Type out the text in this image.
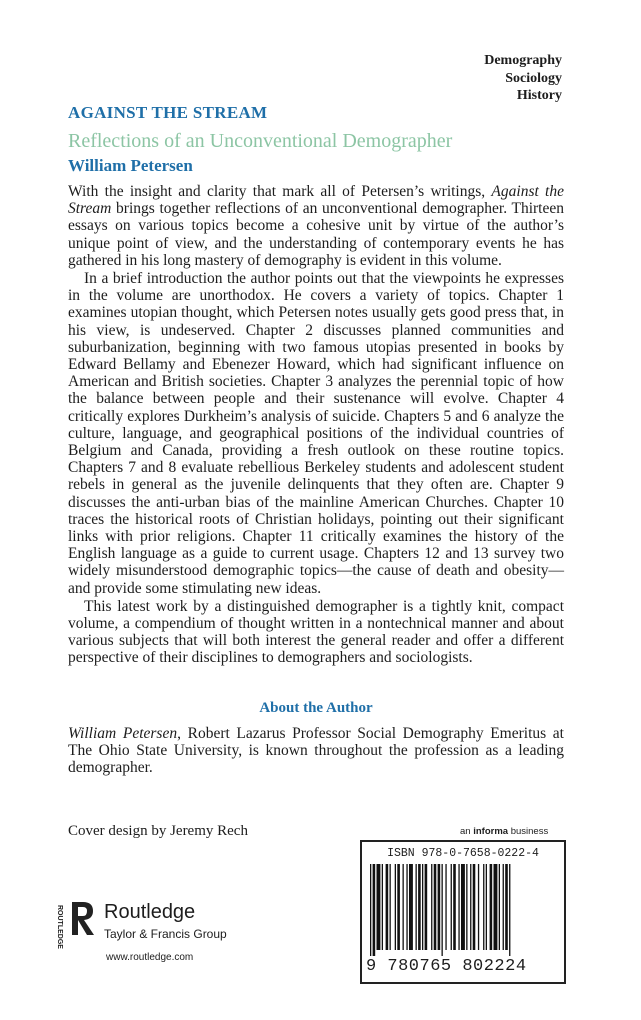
Demography
Sociology
History
AGAINST THE STREAM
Reflections of an Unconventional Demographer
William Petersen

With the insight and clarity that mark all of Petersen’s writings, Against the Stream brings together reflections of an unconventional demographer. Thirteen essays on various topics become a cohesive unit by virtue of the author’s unique point of view, and the understanding of contemporary events he has gathered in his long mastery of demography is evident in this volume.

In a brief introduction the author points out that the viewpoints he expresses in the volume are unorthodox. He covers a variety of topics. Chapter 1 examines utopian thought, which Petersen notes usually gets good press that, in his view, is undeserved. Chapter 2 discusses planned communities and suburbanization, beginning with two famous utopias presented in books by Edward Bellamy and Ebenezer Howard, which had significant influence on American and British societies. Chapter 3 analyzes the perennial topic of how the balance between people and their sustenance will evolve. Chapter 4 critically explores Durkheim’s analysis of suicide. Chapters 5 and 6 analyze the culture, language, and geographical positions of the individual countries of Belgium and Canada, providing a fresh outlook on these routine topics. Chapters 7 and 8 evaluate rebellious Berkeley students and adolescent student rebels in general as the juvenile delinquents that they often are. Chapter 9 discusses the anti-urban bias of the mainline American Churches. Chapter 10 traces the historical roots of Christian holidays, pointing out their significant links with prior religions. Chapter 11 critically examines the history of the English language as a guide to current usage. Chapters 12 and 13 survey two widely misunderstood demographic topics—the cause of death and obesity—and provide some stimulating new ideas.

This latest work by a distinguished demographer is a tightly knit, compact volume, a compendium of thought written in a nontechnical manner and about various subjects that will both interest the general reader and offer a different perspective of their disciplines to demographers and sociologists.

About the Author
William Petersen, Robert Lazarus Professor Social Demography Emeritus at The Ohio State University, is known throughout the profession as a leading demographer.
Cover design by Jeremy Rech	an informa business
ISBN 978-0-7658-0222-4
9 780765 802224
ROUTLEDGE Routledge
Taylor & Francis Group
www.routledge.com
